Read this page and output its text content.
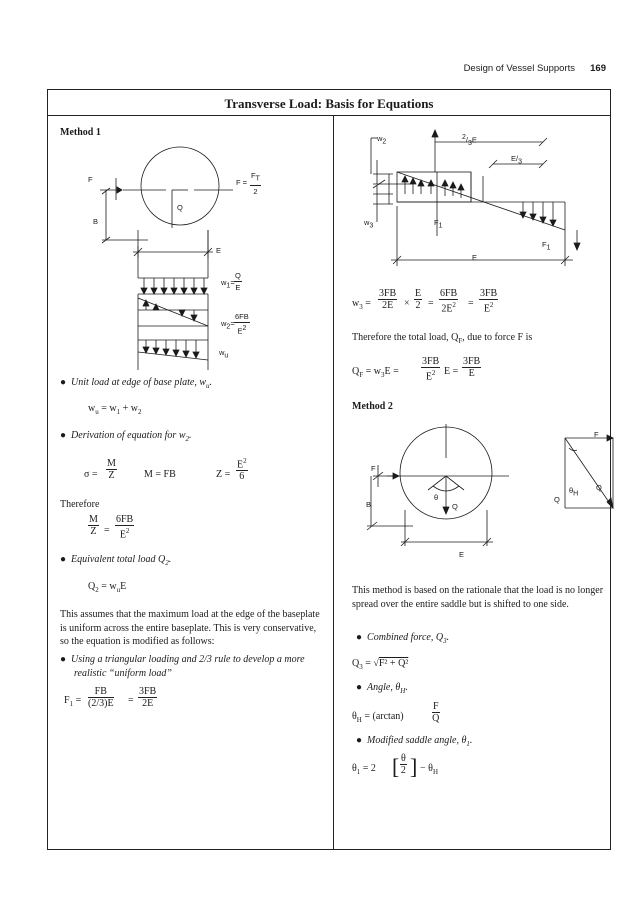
Design of Vessel Supports 169
Transverse Load: Basis for Equations
Method 1
F	$F = \frac{FT}{2}$
Q
B
E
$w1= \frac{Q}{E}$
$w2= \frac{6FB}{E2}$
wu
●  Unit load at edge of base plate, $w_u$.
$w_u = w_1 + w_2$
●  Derivation of equation for $w_2$.
$\sigma = \frac{M}{Z}$	M = FB	$Z = \frac{E^2}{6}$
Therefore
$\frac{M}{Z} = \frac{6FB}{E^2}$
●  Equivalent total load $Q_2$.
$Q_2 = w_uE$
This assumes that the maximum load at the edge of the baseplate is uniform across the entire baseplate. This is very conservative, so the equation is modified as follows:
●  Using a triangular loading and 2/3 rule to develop a more realistic “uniform load”
$F_1 = \frac{FB}{(2/3)E} = \frac{3FB}{2E}$
w2
2/3E
E/3
w3	F1
F1
E
$w_3 = \frac{3FB}{2E} \times \frac{E}{2} = \frac{6FB}{2E^2} = \frac{3FB}{E^2}$
Therefore the total load, $Q_F$, due to force F is
$Q_F = w_3E = \frac{3FB}{E^2}$ $E = \frac{3FB}{E}$
Method 2
F
B
θ
Q
E
F
Q
θH
Q
This method is based on the rationale that the load is no longer spread over the entire saddle but is shifted to one side.
●  Combined force, $Q_3$.
$Q_3 = √F^2 + Q^2$
●  Angle, $\theta_H$.
$\theta_H = (\arctan)$	$\frac{F}{Q}$
●  Modified saddle angle, $\theta_1$.
$\theta_1 = 2$ [ $\frac{\theta}{2}$ ] − $\theta_H$
